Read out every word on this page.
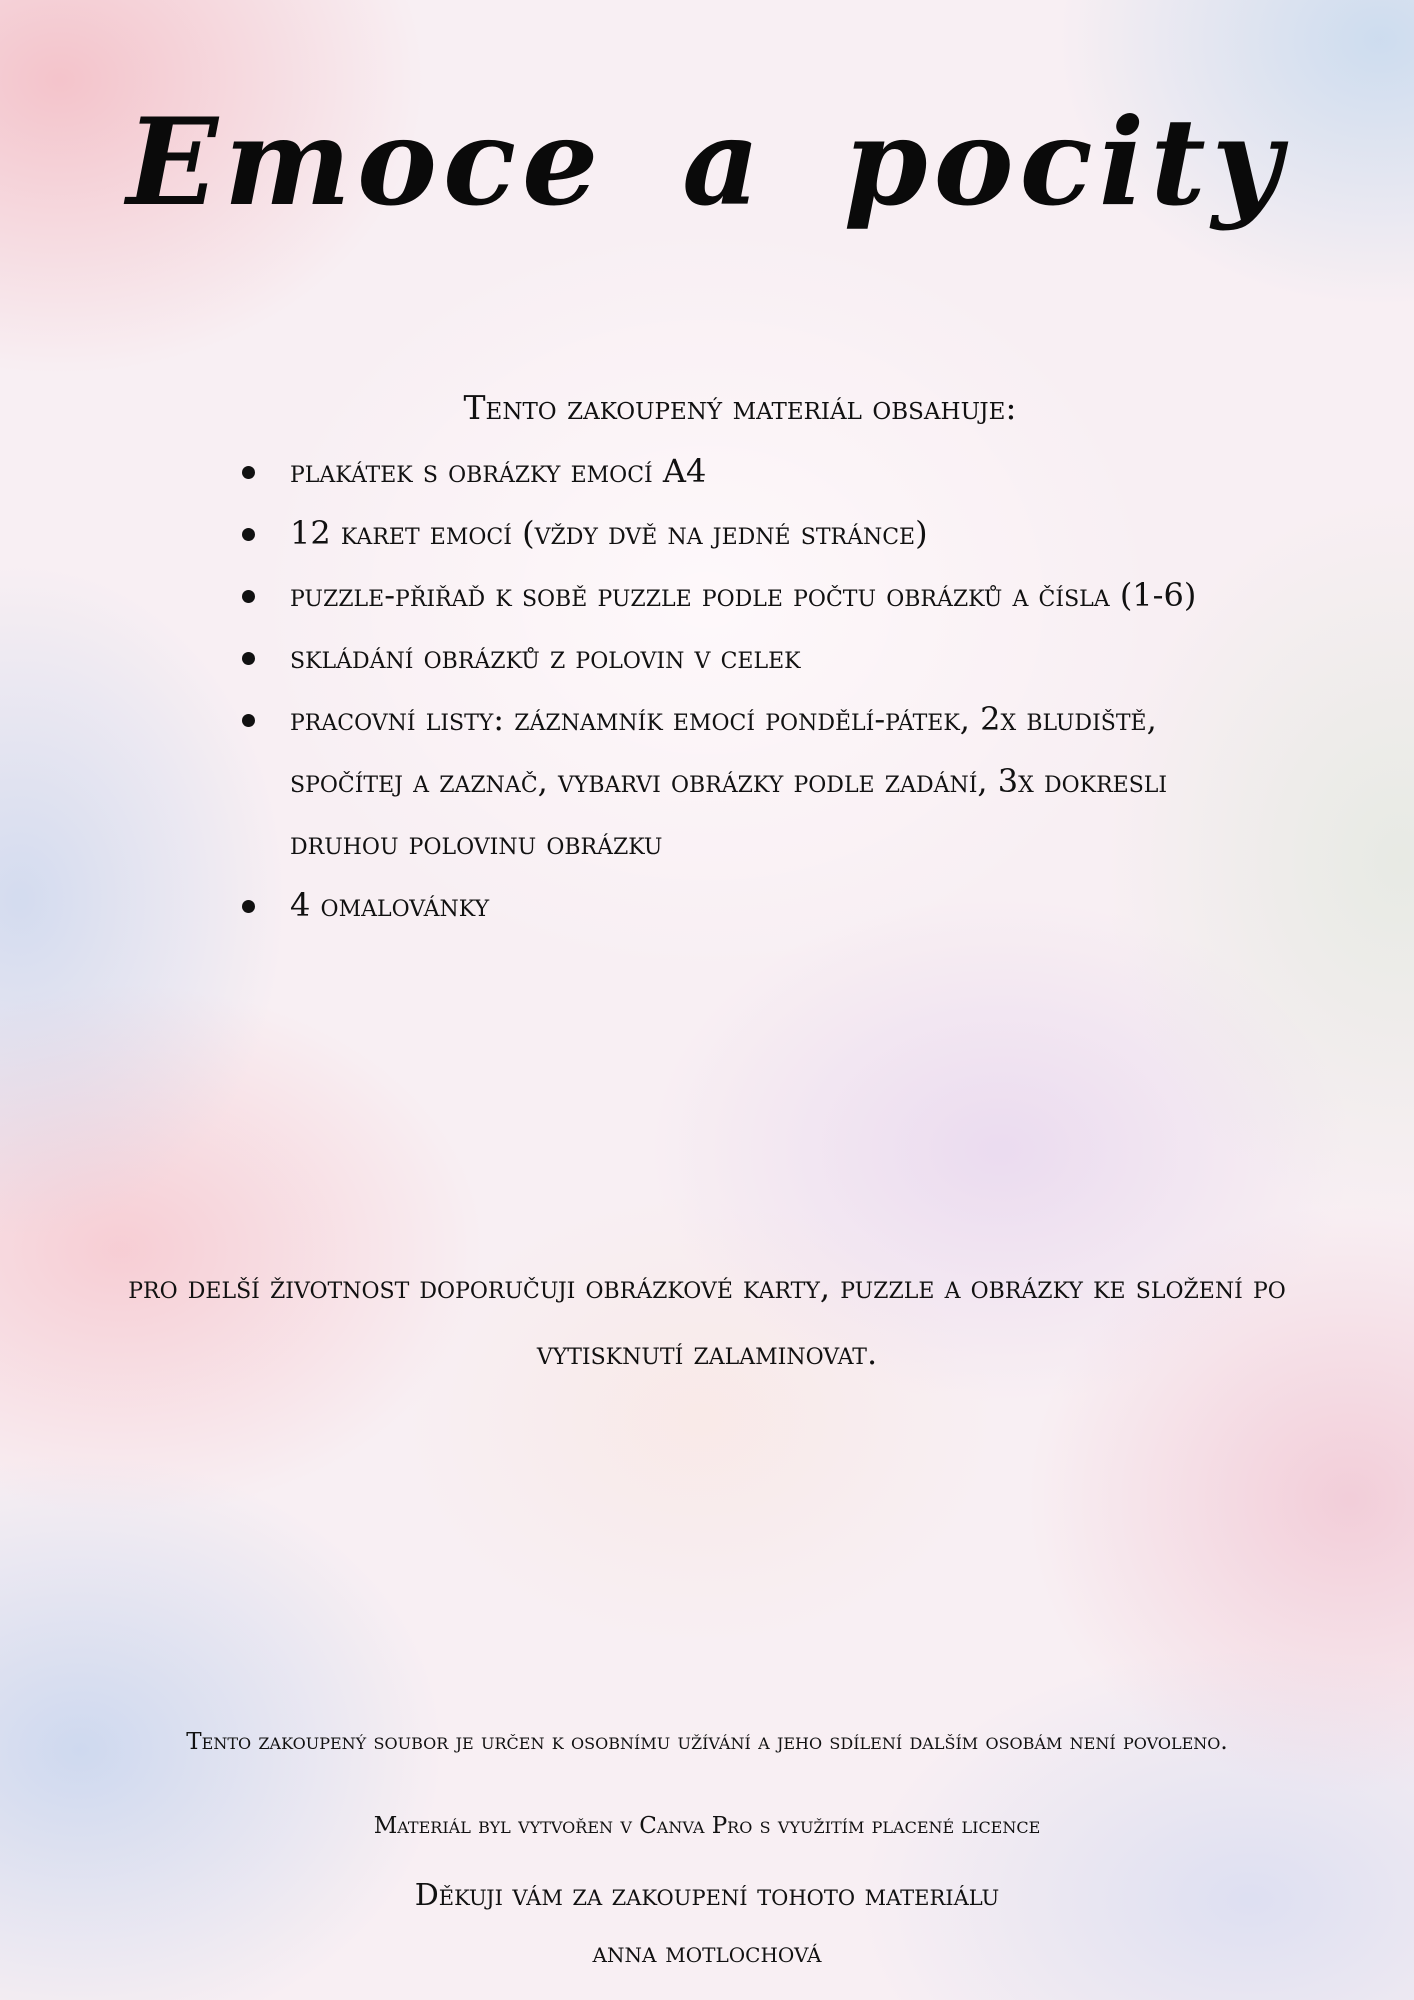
Emoce a pocity

Tento zakoupený materiál obsahuje:

plakátek s obrázky emocí A4
12 karet emocí (vždy dvě na jedné stránce)
puzzle-přiřaď k sobě puzzle podle počtu obrázků a čísla (1-6)
skládání obrázků z polovin v celek
pracovní listy: záznamník emocí pondělí-pátek, 2x bludiště, spočítej a zaznač, vybarvi obrázky podle zadání, 3x dokresli druhou polovinu obrázku
4 omalovánky

pro delší životnost doporučuji obrázkové karty, puzzle a obrázky ke složení po vytisknutí zalaminovat.

Tento zakoupený soubor je určen k osobnímu užívání a jeho sdílení dalším osobám není povoleno.

Materiál byl vytvořen v Canva Pro s využitím placené licence

Děkuji vám za zakoupení tohoto materiálu

anna motlochová
